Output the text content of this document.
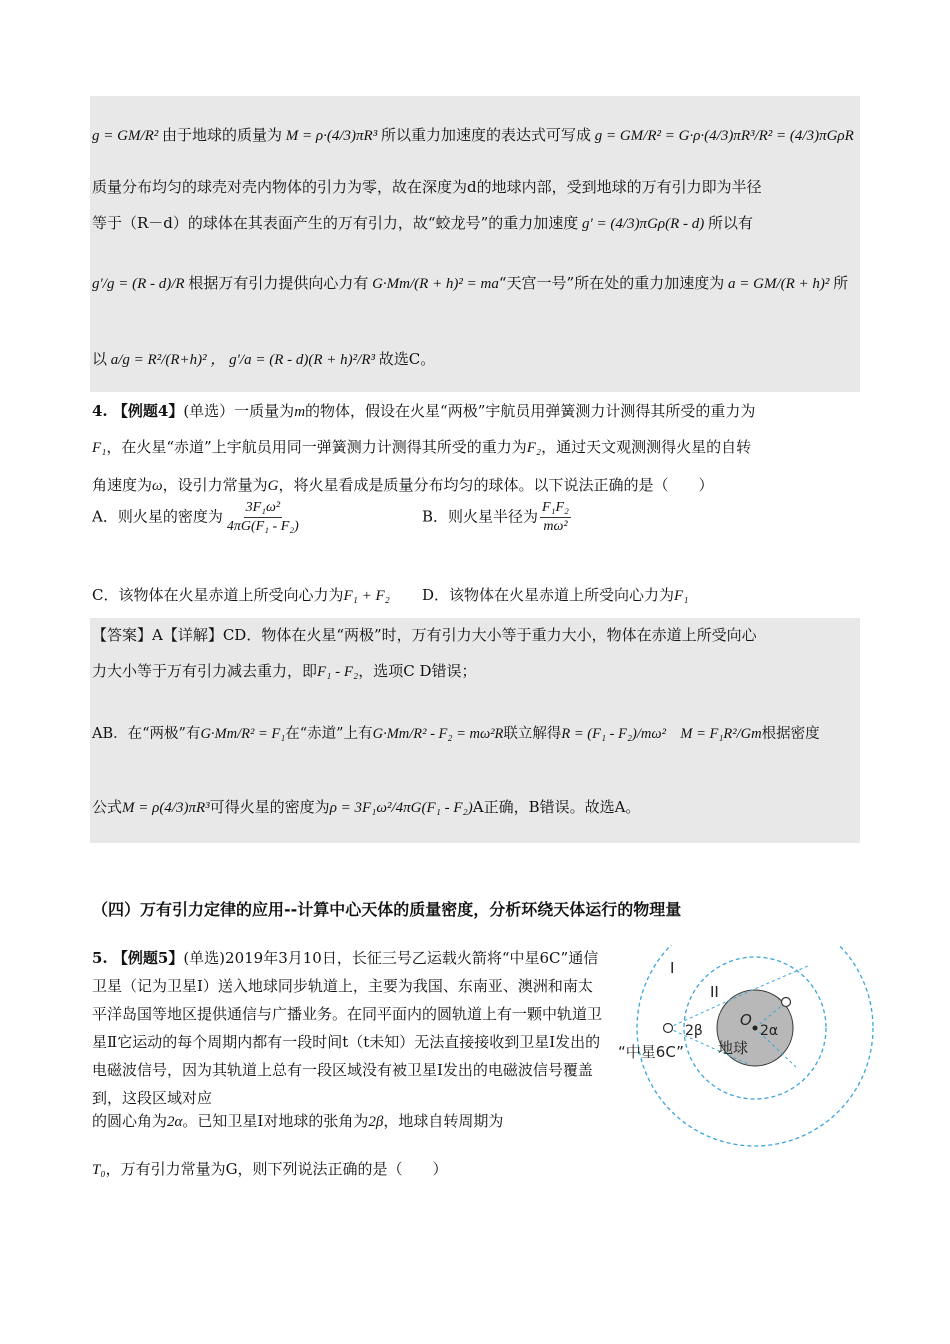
g = GM/R² 由于地球的质量为 M = ρ·(4/3)πR³ 所以重力加速度的表达式可写成 g = GM/R² = G·ρ·(4/3)πR³/R² = (4/3)πGρR
质量分布均匀的球壳对壳内物体的引力为零，故在深度为d的地球内部，受到地球的万有引力即为半径
等于（R－d）的球体在其表面产生的万有引力，故“蛟龙号”的重力加速度 g′ = (4/3)πGρ(R - d) 所以有
g′/g = (R - d)/R 根据万有引力提供向心力有 G·Mm/(R + h)² = ma“天宫一号”所在处的重力加速度为 a = GM/(R + h)² 所
以 a/g = R²/(R+h)² ， g′/a = (R - d)(R + h)²/R³ 故选C。
4. 【例题4】(单选）一质量为m的物体，假设在火星“两极”宇航员用弹簧测力计测得其所受的重力为
F₁，在火星“赤道”上宇航员用同一弹簧测力计测得其所受的重力为F₂，通过天文观测测得火星的自转
角速度为ω，设引力常量为G，将火星看成是质量分布均匀的球体。以下说法正确的是（　　）
A．则火星的密度为 $\frac{\text{3F₁ω²}}{\text{4πG(F₁ - F₂)}}$	B．则火星半径为 $\frac{\text{F₁F₂}}{\text{mω²}}$
C．该物体在火星赤道上所受向心力为F₁ + F₂ D．该物体在火星赤道上所受向心力为F₁
【答案】A【详解】CD．物体在火星“两极”时，万有引力大小等于重力大小，物体在赤道上所受向心
力大小等于万有引力减去重力，即F₁ - F₂，选项C D错误；
AB．在“两极”有G·Mm/R² = F₁在“赤道”上有G·Mm/R² - F₂ = mω²R联立解得R = (F₁ - F₂)/mω²　 M = F₁R²/Gm根据密度
公式M = ρ(4/3)πR³可得火星的密度为ρ = 3F₁ω²/4πG(F₁ - F₂)A正确，B错误。故选A。
（四）万有引力定律的应用--计算中心天体的质量密度，分析环绕天体运行的物理量
5. 【例题5】(单选)2019年3月10日，长征三号乙运载火箭将“中星6C”通信卫星（记为卫星Ⅰ）送入地球同步轨道上，主要为我国、东南亚、澳洲和南太平洋岛国等地区提供通信与广播业务。在同平面内的圆轨道上有一颗中轨道卫星Ⅱ它运动的每个周期内都有一段时间t（t未知）无法直接接收到卫星Ⅰ发出的电磁波信号，因为其轨道上总有一段区域没有被卫星Ⅰ发出的电磁波信号覆盖到，这段区域对应
的圆心角为2α。已知卫星Ⅰ对地球的张角为2β，地球自转周期为
T₀，万有引力常量为G，则下列说法正确的是（　　）
I
II
O
2β	2α
地球
“中星6C”
